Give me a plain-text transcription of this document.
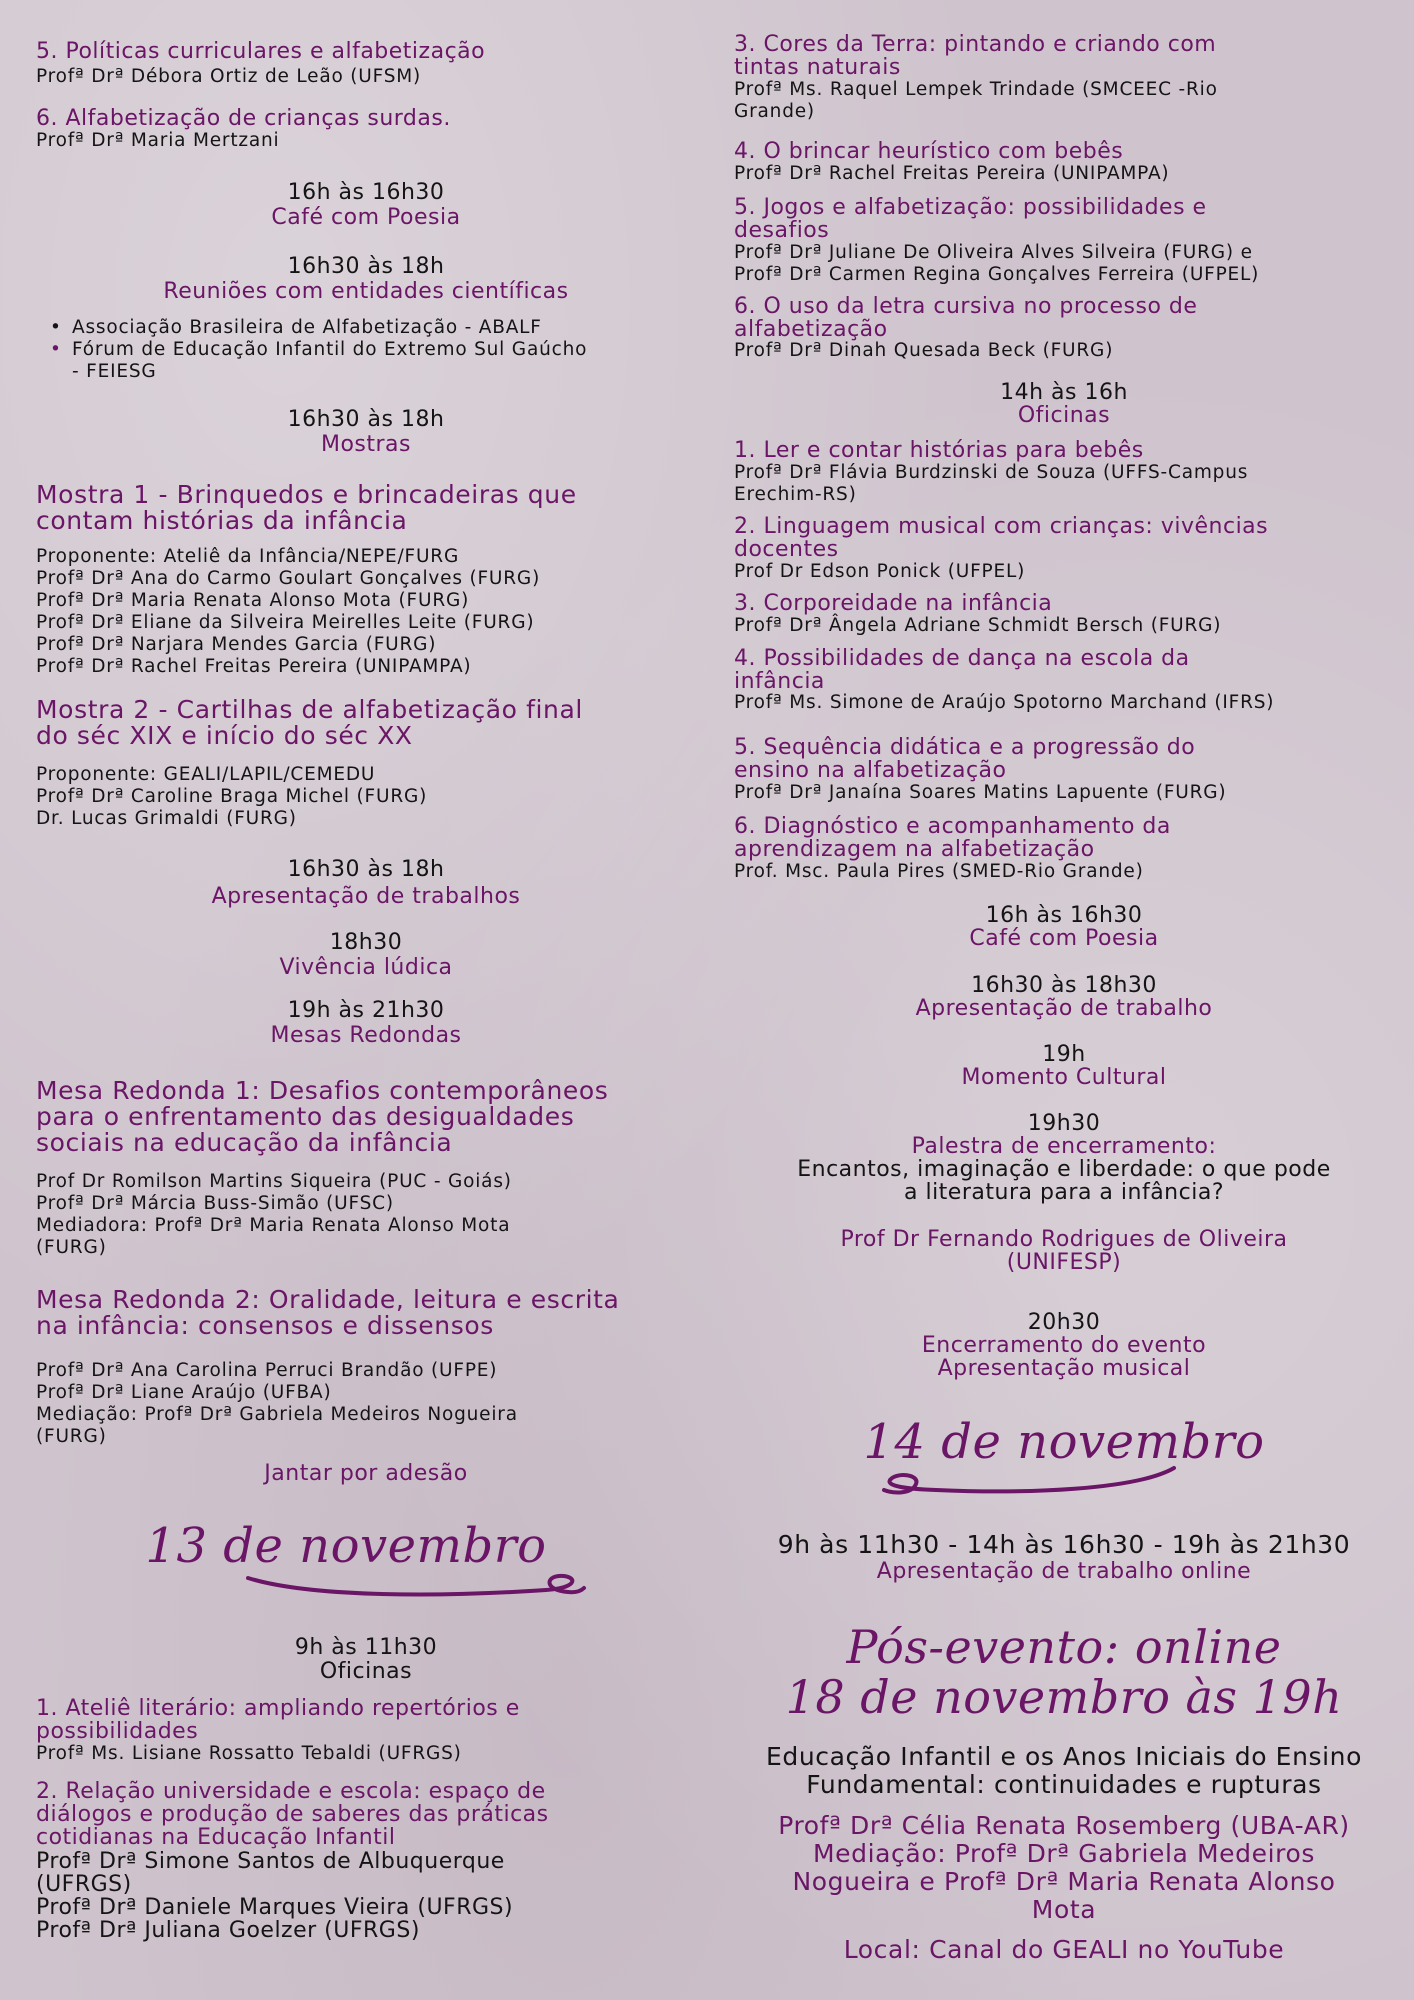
5. Políticas curriculares e alfabetização
Profª Drª Débora Ortiz de Leão (UFSM)
6. Alfabetização de crianças surdas.
Profª Drª Maria Mertzani
16h às 16h30
Café com Poesia
16h30 às 18h
Reuniões com entidades científicas
• Associação Brasileira de Alfabetização - ABALF
• Fórum de Educação Infantil do Extremo Sul Gaúcho
- FEIESG
16h30 às 18h
Mostras
Mostra 1 - Brinquedos e brincadeiras que
contam histórias da infância
Proponente: Ateliê da Infância/NEPE/FURG
Profª Drª Ana do Carmo Goulart Gonçalves (FURG)
Profª Drª Maria Renata Alonso Mota (FURG)
Profª Drª Eliane da Silveira Meirelles Leite (FURG)
Profª Drª Narjara Mendes Garcia (FURG)
Profª Drª Rachel Freitas Pereira (UNIPAMPA)
Mostra 2 - Cartilhas de alfabetização final
do séc XIX e início do séc XX
Proponente: GEALI/LAPIL/CEMEDU
Profª Drª Caroline Braga Michel (FURG)
Dr. Lucas Grimaldi (FURG)
16h30 às 18h
Apresentação de trabalhos
18h30
Vivência lúdica
19h às 21h30
Mesas Redondas
Mesa Redonda 1: Desafios contemporâneos
para o enfrentamento das desigualdades
sociais na educação da infância
Prof Dr Romilson Martins Siqueira (PUC - Goiás)
Profª Drª Márcia Buss-Simão (UFSC)
Mediadora: Profª Drª Maria Renata Alonso Mota
(FURG)
Mesa Redonda 2: Oralidade, leitura e escrita
na infância: consensos e dissensos
Profª Drª Ana Carolina Perruci Brandão (UFPE)
Profª Drª Liane Araújo (UFBA)
Mediação: Profª Drª Gabriela Medeiros Nogueira
(FURG)
Jantar por adesão
13 de novembro
9h às 11h30
Oficinas
1. Ateliê literário: ampliando repertórios e
possibilidades
Profª Ms. Lisiane Rossatto Tebaldi (UFRGS)
2. Relação universidade e escola: espaço de
diálogos e produção de saberes das práticas
cotidianas na Educação Infantil
Profª Drª Simone Santos de Albuquerque
(UFRGS)
Profª Drª Daniele Marques Vieira (UFRGS)
Profª Drª Juliana Goelzer (UFRGS)
3. Cores da Terra: pintando e criando com
tintas naturais
Profª Ms. Raquel Lempek Trindade (SMCEEC -Rio
Grande)
4. O brincar heurístico com bebês
Profª Drª Rachel Freitas Pereira (UNIPAMPA)
5. Jogos e alfabetização: possibilidades e
desafios
Profª Drª Juliane De Oliveira Alves Silveira (FURG) e
Profª Drª Carmen Regina Gonçalves Ferreira (UFPEL)
6. O uso da letra cursiva no processo de
alfabetização
Profª Drª Dinah Quesada Beck (FURG)
14h às 16h
Oficinas
1. Ler e contar histórias para bebês
Profª Drª Flávia Burdzinski de Souza (UFFS-Campus
Erechim-RS)
2. Linguagem musical com crianças: vivências
docentes
Prof Dr Edson Ponick (UFPEL)
3. Corporeidade na infância
Profª Drª Ângela Adriane Schmidt Bersch (FURG)
4. Possibilidades de dança na escola da
infância
Profª Ms. Simone de Araújo Spotorno Marchand (IFRS)
5. Sequência didática e a progressão do
ensino na alfabetização
Profª Drª Janaína Soares Matins Lapuente (FURG)
6. Diagnóstico e acompanhamento da
aprendizagem na alfabetização
Prof. Msc. Paula Pires (SMED-Rio Grande)
16h às 16h30
Café com Poesia
16h30 às 18h30
Apresentação de trabalho
19h
Momento Cultural
19h30
Palestra de encerramento:
Encantos, imaginação e liberdade: o que pode
a literatura para a infância?
Prof Dr Fernando Rodrigues de Oliveira
(UNIFESP)
20h30
Encerramento do evento
Apresentação musical
14 de novembro
9h às 11h30 - 14h às 16h30 - 19h às 21h30
Apresentação de trabalho online
Pós-evento: online
18 de novembro às 19h
Educação Infantil e os Anos Iniciais do Ensino
Fundamental: continuidades e rupturas
Profª Drª Célia Renata Rosemberg (UBA-AR)
Mediação: Profª Drª Gabriela Medeiros
Nogueira e Profª Drª Maria Renata Alonso
Mota
Local: Canal do GEALI no YouTube
